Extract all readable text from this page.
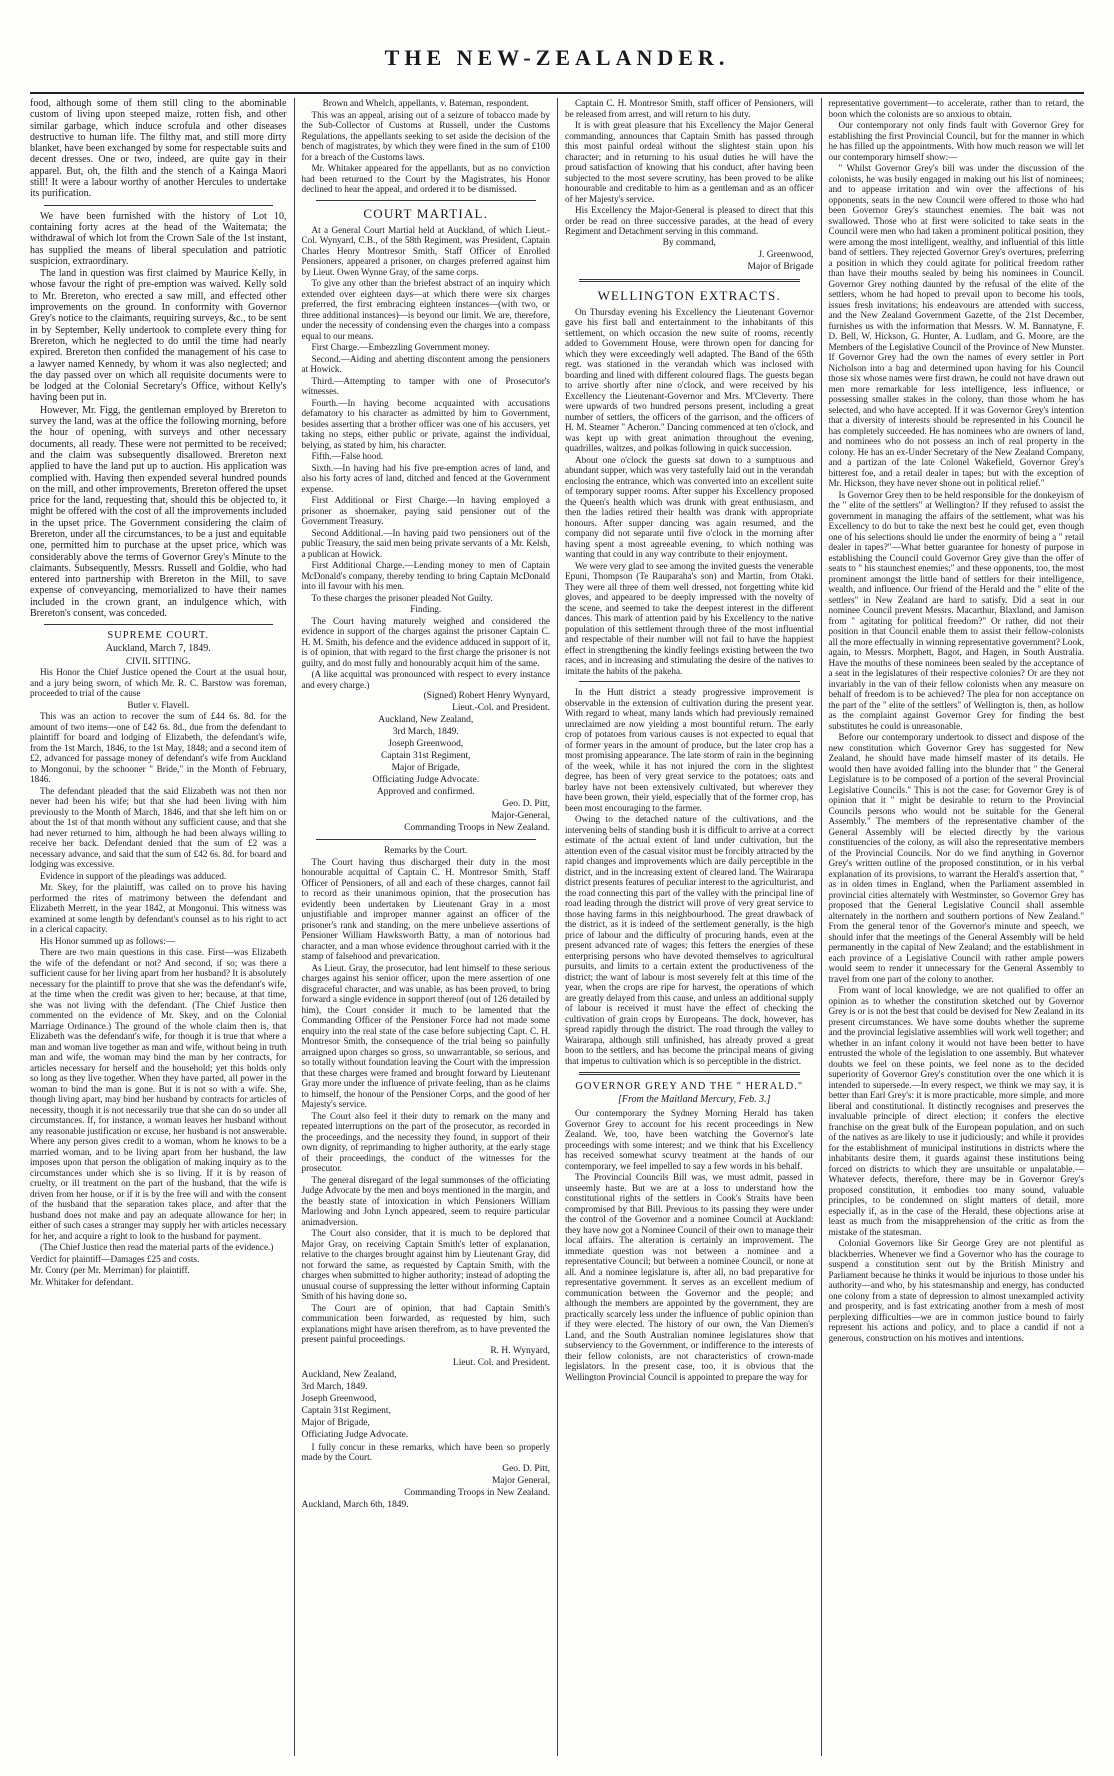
THE NEW-ZEALANDER.

food, although some of them still cling to the abominable custom of living upon steeped maize, rotten fish, and other similar garbage, which induce scrofula and other diseases destructive to human life. The filthy mat, and still more dirty blanket, have been exchanged by some for respectable suits and decent dresses. One or two, indeed, are quite gay in their apparel. But, oh, the filth and the stench of a Kainga Maori still! It were a labour worthy of another Hercules to undertake its purification.

We have been furnished with the history of Lot 10, containing forty acres at the head of the Waitemata; the withdrawal of which lot from the Crown Sale of the 1st instant, has supplied the means of liberal speculation and patriotic suspicion, extraordinary.

The land in question was first claimed by Maurice Kelly, in whose favour the right of pre-emption was waived. Kelly sold to Mr. Brereton, who erected a saw mill, and effected other improvements on the ground. In conformity with Governor Grey's notice to the claimants, requiring surveys, &c., to be sent in by September, Kelly undertook to complete every thing for Brereton, which he neglected to do until the time had nearly expired. Brereton then confided the management of his case to a lawyer named Kennedy, by whom it was also neglected; and the day passed over on which all requisite documents were to be lodged at the Colonial Secretary's Office, without Kelly's having been put in.

However, Mr. Figg, the gentleman employed by Brereton to survey the land, was at the office the following morning, before the hour of opening, with surveys and other necessary documents, all ready. These were not permitted to be received; and the claim was subsequently disallowed. Brereton next applied to have the land put up to auction. His application was complied with. Having then expended several hundred pounds on the mill, and other improvements, Brereton offered the upset price for the land, requesting that, should this be objected to, it might be offered with the cost of all the improvements included in the upset price. The Government considering the claim of Brereton, under all the circumstances, to be a just and equitable one, permitted him to purchase at the upset price, which was considerably above the terms of Governor Grey's Minute to the claimants. Subsequently, Messrs. Russell and Goldie, who had entered into partnership with Brereton in the Mill, to save expense of conveyancing, memorialized to have their names included in the crown grant, an indulgence which, with Brereton's consent, was conceded.

SUPREME COURT.

Auckland, March 7, 1849.

CIVIL SITTING.

His Honor the Chief Justice opened the Court at the usual hour, and a jury being sworn, of which Mr. R. C. Barstow was foreman, proceeded to trial of the cause

Butler v. Flavell.

This was an action to recover the sum of £44 6s. 8d. for the amount of two items—one of £42 6s. 8d., due from the defendant to plaintiff for board and lodging of Elizabeth, the defendant's wife, from the 1st March, 1846, to the 1st May, 1848; and a second item of £2, advanced for passage money of defendant's wife from Auckland to Mongonui, by the schooner " Bride," in the Month of February, 1846.

The defendant pleaded that the said Elizabeth was not then nor never had been his wife; but that she had been living with him previously to the Month of March, 1846, and that she left him on or about the 1st of that month without any sufficient cause, and that she had never returned to him, although he had been always willing to receive her back. Defendant denied that the sum of £2 was a necessary advance, and said that the sum of £42 6s. 8d. for board and lodging was excessive.

Evidence in support of the pleadings was adduced.

Mr. Skey, for the plaintiff, was called on to prove his having performed the rites of matrimony between the defendant and Elizabeth Merrett, in the year 1842, at Mongonui. This witness was examined at some length by defendant's counsel as to his right to act in a clerical capacity.

His Honor summed up as follows:—

There are two main questions in this case. First—was Elizabeth the wife of the defendant or not? And second, if so; was there a sufficient cause for her living apart from her husband? It is absolutely necessary for the plaintiff to prove that she was the defendant's wife, at the time when the credit was given to her; because, at that time, she was not living with the defendant. (The Chief Justice then commented on the evidence of Mr. Skey, and on the Colonial Marriage Ordinance.) The ground of the whole claim then is, that Elizabeth was the defendant's wife, for though it is true that where a man and woman live together as man and wife, without being in truth man and wife, the woman may bind the man by her contracts, for articles necessary for herself and the household; yet this holds only so long as they live together. When they have parted, all power in the woman to bind the man is gone. But it is not so with a wife. She, though living apart, may bind her husband by contracts for articles of necessity, though it is not necessarily true that she can do so under all circumstances. If, for instance, a woman leaves her husband without any reasonable justification or excuse, her husband is not answerable. Where any person gives credit to a woman, whom he knows to be a married woman, and to be living apart from her husband, the law imposes upon that person the obligation of making inquiry as to the circumstances under which she is so living. If it is by reason of cruelty, or ill treatment on the part of the husband, that the wife is driven from her house, or if it is by the free will and with the consent of the husband that the separation takes place, and after that the husband does not make and pay an adequate allowance for her; in either of such cases a stranger may supply her with articles necessary for her, and acquire a right to look to the husband for payment.

(The Chief Justice then read the material parts of the evidence.)

Verdict for plaintiff—Damages £25 and costs.

Mr. Conry (per Mr. Merriman) for plaintiff.

Mr. Whitaker for defendant.

Brown and Whelch, appellants, v. Bateman, respondent.

This was an appeal, arising out of a seizure of tobacco made by the Sub-Collector of Customs at Russell, under the Customs Regulations, the appellants seeking to set aside the decision of the bench of magistrates, by which they were fined in the sum of £100 for a breach of the Customs laws.

Mr. Whitaker appeared for the appellants, but as no conviction had been returned to the Court by the Magistrates, his Honor declined to hear the appeal, and ordered it to be dismissed.

COURT MARTIAL.

At a General Court Martial held at Auckland, of which Lieut.-Col. Wynyard, C.B., of the 58th Regiment, was President, Captain Charles Henry Montresor Smith, Staff Officer of Enrolled Pensioners, appeared a prisoner, on charges preferred against him by Lieut. Owen Wynne Gray, of the same corps.

To give any other than the briefest abstract of an inquiry which extended over eighteen days—at which there were six charges preferred, the first embracing eighteen instances—(with two, or three additional instances)—is beyond our limit. We are, therefore, under the necessity of condensing even the charges into a compass equal to our means.

First Charge.—Embezzling Government money.

Second.—Aiding and abetting discontent among the pensioners at Howick.

Third.—Attempting to tamper with one of Prosecutor's witnesses.

Fourth.—In having become acquainted with accusations defamatory to his character as admitted by him to Government, besides asserting that a brother officer was one of his accusers, yet taking no steps, either public or private, against the individual, belying, as stated by him, his character.

Fifth.—False hood.

Sixth.—In having had his five pre-emption acres of land, and also his forty acres of land, ditched and fenced at the Government expense.

First Additional or First Charge.—In having employed a prisoner as shoemaker, paying said pensioner out of the Government Treasury.

Second Additional.—In having paid two pensioners out of the public Treasury, the said men being private servants of a Mr. Kelsh, a publican at Howick.

First Additional Charge.—Lending money to men of Captain McDonald's company, thereby tending to bring Captain McDonald into ill favour with his men.

To these charges the prisoner pleaded Not Guilty.

Finding.

The Court having maturely weighed and considered the evidence in support of the charges against the prisoner Captain C. H. M. Smith, his defence and the evidence adduced in support of it, is of opinion, that with regard to the first charge the prisoner is not guilty, and do most fully and honourably acquit him of the same.

(A like acquittal was pronounced with respect to every instance and every charge.)

(Signed) Robert Henry Wynyard,

Lieut.-Col. and President.

Auckland, New Zealand,

3rd March, 1849.

Joseph Greenwood,

Captain 31st Regiment,

Major of Brigade,

Officiating Judge Advocate.

Approved and confirmed.

Geo. D. Pitt,

Major-General,

Commanding Troops in New Zealand.

Remarks by the Court.

The Court having thus discharged their duty in the most honourable acquittal of Captain C. H. Montresor Smith, Staff Officer of Pensioners, of all and each of these charges, cannot fail to record as their unanimous opinion, that the prosecution has evidently been undertaken by Lieutenant Gray in a most unjustifiable and improper manner against an officer of the prisoner's rank and standing, on the mere unbelieve assertions of Pensioner William Hawksworth Batty, a man of notorious bad character, and a man whose evidence throughout carried with it the stamp of falsehood and prevarication.

As Lieut. Gray, the prosecutor, had lent himself to these serious charges against his senior officer, upon the mere assertion of one disgraceful character, and was unable, as has been proved, to bring forward a single evidence in support thereof (out of 126 detailed by him), the Court consider it much to be lamented that the Commanding Officer of the Pensioner Force had not made some enquiry into the real state of the case before subjecting Capt. C. H. Montresor Smith, the consequence of the trial being so painfully arraigned upon charges so gross, so unwarrantable, so serious, and so totally without foundation leaving the Court with the impression that these charges were framed and brought forward by Lieutenant Gray more under the influence of private feeling, than as he claims to himself, the honour of the Pensioner Corps, and the good of her Majesty's service.

The Court also feel it their duty to remark on the many and repeated interruptions on the part of the prosecutor, as recorded in the proceedings, and the necessity they found, in support of their own dignity, of reprimanding to higher authority, at the early stage of their proceedings, the conduct of the witnesses for the prosecutor.

The general disregard of the legal summonses of the officiating Judge Advocate by the men and boys mentioned in the margin, and the beastly state of intoxication in which Pensioners William Marlowing and John Lynch appeared, seem to require particular animadversion.

The Court also consider, that it is much to be deplored that Major Gray, on receiving Captain Smith's letter of explanation, relative to the charges brought against him by Lieutenant Gray, did not forward the same, as requested by Captain Smith, with the charges when submitted to higher authority; instead of adopting the unusual course of suppressing the letter without informing Captain Smith of his having done so.

The Court are of opinion, that had Captain Smith's communication been forwarded, as requested by him, such explanations might have arisen therefrom, as to have prevented the present painful proceedings.

R. H. Wynyard,

Lieut. Col. and President.

Auckland, New Zealand,

3rd March, 1849.

Joseph Greenwood,

Captain 31st Regiment,

Major of Brigade,

Officiating Judge Advocate.

I fully concur in these remarks, which have been so properly made by the Court.

Geo. D. Pitt,

Major General,

Commanding Troops in New Zealand.

Auckland, March 6th, 1849.

Captain C. H. Montresor Smith, staff officer of Pensioners, will be released from arrest, and will return to his duty.

It is with great pleasure that his Excellency the Major General commanding, announces that Captain Smith has passed through this most painful ordeal without the slightest stain upon his character; and in returning to his usual duties he will have the proud satisfaction of knowing that his conduct, after having been subjected to the most severe scrutiny, has been proved to be alike honourable and creditable to him as a gentleman and as an officer of her Majesty's service.

His Excellency the Major-General is pleased to direct that this order be read on three successive parades, at the head of every Regiment and Detachment serving in this command.

By command,

J. Greenwood,

Major of Brigade

WELLINGTON EXTRACTS.

On Thursday evening his Excellency the Lieutenant Governor gave his first ball and entertainment to the inhabitants of this settlement, on which occasion the new suite of rooms, recently added to Government House, were thrown open for dancing for which they were exceedingly well adapted. The Band of the 65th regt. was stationed in the verandah which was inclosed with boarding and lined with different coloured flags. The guests began to arrive shortly after nine o'clock, and were received by his Excellency the Lieutenant-Governor and Mrs. M'Cleverty. There were upwards of two hundred persons present, including a great number of settlers, the officers of the garrison, and the officers of H. M. Steamer " Acheron." Dancing commenced at ten o'clock, and was kept up with great animation throughout the evening, quadrilles, waltzes, and polkas following in quick succession.

About one o'clock the guests sat down to a sumptuous and abundant supper, which was very tastefully laid out in the verandah enclosing the entrance, which was converted into an excellent suite of temporary supper rooms. After supper his Excellency proposed the Queen's health which was drunk with great enthusiasm, and then the ladies retired their health was drank with appropriate honours. After supper dancing was again resumed, and the company did not separate until five o'clock in the morning after having spent a most agreeable evening, to which nothing was wanting that could in any way contribute to their enjoyment.

We were very glad to see among the invited guests the venerable Epuni, Thompson (Te Rauparaha's son) and Martin, from Otaki. They were all three of them well dressed, not forgetting white kid gloves, and appeared to be deeply impressed with the novelty of the scene, and seemed to take the deepest interest in the different dances. This mark of attention paid by his Excellency to the native population of this settlement through three of the most influential and respectable of their number will not fail to have the happiest effect in strengthening the kindly feelings existing between the two races, and in increasing and stimulating the desire of the natives to imitate the habits of the pakeha.

In the Hutt district a steady progressive improvement is observable in the extension of cultivation during the present year. With regard to wheat, many lands which had previously remained unreclaimed are now yielding a most bountiful return. The early crop of potatoes from various causes is not expected to equal that of former years in the amount of produce, but the later crop has a most promising appearance. The late storm of rain in the beginning of the week, while it has not injured the corn in the slightest degree, has been of very great service to the potatoes; oats and barley have not been extensively cultivated, but wherever they have been grown, their yield, especially that of the former crop, has been most encouraging to the farmer.

Owing to the detached nature of the cultivations, and the intervening belts of standing bush it is difficult to arrive at a correct estimate of the actual extent of land under cultivation, but the attention even of the casual visitor must be forcibly attracted by the rapid changes and improvements which are daily perceptible in the district, and in the increasing extent of cleared land. The Wairarapa district presents features of peculiar interest to the agriculturist, and the road connecting this part of the valley with the principal line of road leading through the district will prove of very great service to those having farms in this neighbourhood. The great drawback of the district, as it is indeed of the settlement generally, is the high price of labour and the difficulty of procuring hands, even at the present advanced rate of wages; this fetters the energies of these enterprising persons who have devoted themselves to agricultural pursuits, and limits to a certain extent the productiveness of the district; the want of labour is most severely felt at this time of the year, when the crops are ripe for harvest, the operations of which are greatly delayed from this cause, and unless an additional supply of labour is received it must have the effect of checking the cultivation of grain crops by Europeans. The dock, however, has spread rapidly through the district. The road through the valley to Wairarapa, although still unfinished, has already proved a great boon to the settlers, and has become the principal means of giving that impetus to cultivation which is so perceptible in the district.

GOVERNOR GREY AND THE " HERALD."

[From the Maitland Mercury, Feb. 3.]

Our contemporary the Sydney Morning Herald has taken Governor Grey to account for his recent proceedings in New Zealand. We, too, have been watching the Governor's late proceedings with some interest; and we think that his Excellency has received somewhat scurvy treatment at the hands of our contemporary, we feel impelled to say a few words in his behalf.

The Provincial Councils Bill was, we must admit, passed in unseemly haste. But we are at a loss to understand how the constitutional rights of the settlers in Cook's Straits have been compromised by that Bill. Previous to its passing they were under the control of the Governor and a nominee Council at Auckland: they have now got a Nominee Council of their own to manage their local affairs. The alteration is certainly an improvement. The immediate question was not between a nominee and a representative Council; but between a nominee Council, or none at all. And a nominee legislature is, after all, no bad preparative for representative government. It serves as an excellent medium of communication between the Governor and the people; and although the members are appointed by the government, they are practically scarcely less under the influence of public opinion than if they were elected. The history of our own, the Van Diemen's Land, and the South Australian nominee legislatures show that subserviency to the Government, or indifference to the interests of their fellow colonists, are not characteristics of crown-made legislators. In the present case, too, it is obvious that the Wellington Provincial Council is appointed to prepare the way for

representative government—to accelerate, rather than to retard, the boon which the colonists are so anxious to obtain.

Our contemporary not only finds fault with Governor Grey for establishing the first Provincial Council, but for the manner in which he has filled up the appointments. With how much reason we will let our contemporary himself show:—

" Whilst Governor Grey's bill was under the discussion of the colonists, he was busily engaged in making out his list of nominees; and to appease irritation and win over the affections of his opponents, seats in the new Council were offered to those who had been Governor Grey's staunchest enemies. The bait was not swallowed. Those who at first were solicited to take seats in the Council were men who had taken a prominent political position, they were among the most intelligent, wealthy, and influential of this little band of settlers. They rejected Governor Grey's overtures, preferring a position in which they could agitate for political freedom rather than have their mouths sealed by being his nominees in Council. Governor Grey nothing daunted by the refusal of the elite of the settlers, whom he had hoped to prevail upon to become his tools, issues fresh invitations; his endeavours are attended with success, and the New Zealand Government Gazette, of the 21st December, furnishes us with the information that Messrs. W. M. Bannatyne, F. D. Bell, W. Hickson, G. Hunter, A. Ludlam, and G. Moore, are the Members of the Legislative Council of the Province of New Munster. If Governor Grey had the own the names of every settler in Port Nicholson into a bag and determined upon having for his Council those six whose names were first drawn, he could not have drawn out men more remarkable for less intelligence, less influence, or possessing smaller stakes in the colony, than those whom he has selected, and who have accepted. If it was Governor Grey's intention that a diversity of interests should be represented in his Council he has completely succeeded. He has nominees who are owners of land, and nominees who do not possess an inch of real property in the colony. He has an ex-Under Secretary of the New Zealand Company, and a partizan of the late Colonel Wakefield, Governor Grey's bitterest foe, and a retail dealer in tapes; but with the exception of Mr. Hickson, they have never shone out in political relief."

Is Governor Grey then to be held responsible for the donkeyism of the " elite of the settlers" at Wellington? If they refused to assist the government in managing the affairs of the settlement, what was his Excellency to do but to take the next best he could get, even though one of his selections should lie under the enormity of being a " retail dealer in tapes?"—What better guarantee for honesty of purpose in establishing the Council could Governor Grey give than the offer of seats to " his staunchest enemies;" and these opponents, too, the most prominent amongst the little band of settlers for their intelligence, wealth, and influence. Our friend of the Herald and the " elite of the settlers" in New Zealand are hard to satisfy. Did a seat in our nominee Council prevent Messrs. Macarthur, Blaxland, and Jamison from " agitating for political freedom?" Or rather, did not their position in that Council enable them to assist their fellow-colonists all the more effectually in winning representative government? Look, again, to Messrs. Morphett, Bagot, and Hagen, in South Australia. Have the mouths of these nominees been sealed by the acceptance of a seat in the legislatures of their respective colonies? Or are they not invariably in the van of their fellow colonists when any measure on behalf of freedom is to be achieved? The plea for non acceptance on the part of the " elite of the settlers" of Wellington is, then, as hollow as the complaint against Governor Grey for finding the best substitutes he could is unreasonable.

Before our contemporary undertook to dissect and dispose of the new constitution which Governor Grey has suggested for New Zealand, he should have made himself master of its details. He would then have avoided falling into the blunder that " the General Legislature is to be composed of a portion of the several Provincial Legislative Councils." This is not the case: for Governor Grey is of opinion that it " might be desirable to return to the Provincial Councils persons who would not be suitable for the General Assembly." The members of the representative chamber of the General Assembly will be elected directly by the various constituencies of the colony, as will also the representative members of the Provincial Councils. Nor do we find anything in Governor Grey's written outline of the proposed constitution, or in his verbal explanation of its provisions, to warrant the Herald's assertion that, " as in olden times in England, when the Parliament assembled in provincial cities alternately with Westminster, so Governor Grey has proposed that the General Legislative Council shall assemble alternately in the northern and southern portions of New Zealand." From the general tenor of the Governor's minute and speech, we should infer that the meetings of the General Assembly will be held permanently in the capital of New Zealand; and the establishment in each province of a Legislative Council with rather ample powers would seem to render it unnecessary for the General Assembly to travel from one part of the colony to another.

From want of local knowledge, we are not qualified to offer an opinion as to whether the constitution sketched out by Governor Grey is or is not the best that could be devised for New Zealand in its present circumstances. We have some doubts whether the supreme and the provincial legislative assemblies will work well together; and whether in an infant colony it would not have been better to have entrusted the whole of the legislation to one assembly. But whatever doubts we feel on these points, we feel none as to the decided superiority of Governor Grey's constitution over the one which it is intended to supersede.—In every respect, we think we may say, it is better than Earl Grey's: it is more practicable, more simple, and more liberal and constitutional. It distinctly recognises and preserves the invaluable principle of direct election; it confers the elective franchise on the great bulk of the European population, and on such of the natives as are likely to use it judiciously; and while it provides for the establishment of municipal institutions in districts where the inhabitants desire them, it guards against these institutions being forced on districts to which they are unsuitable or unpalatable.—Whatever defects, therefore, there may be in Governor Grey's proposed constitution, it embodies too many sound, valuable principles, to be condemned on slight matters of detail, more especially if, as in the case of the Herald, these objections arise at least as much from the misapprehension of the critic as from the mistake of the statesman.

Colonial Governors like Sir George Grey are not plentiful as blackberries. Whenever we find a Governor who has the courage to suspend a constitution sent out by the British Ministry and Parliament because he thinks it would be injurious to those under his authority—and who, by his statesmanship and energy, has conducted one colony from a state of depression to almost unexampled activity and prosperity, and is fast extricating another from a mesh of most perplexing difficulties—we are in common justice bound to fairly represent his actions and policy, and to place a candid if not a generous, construction on his motives and intentions.
